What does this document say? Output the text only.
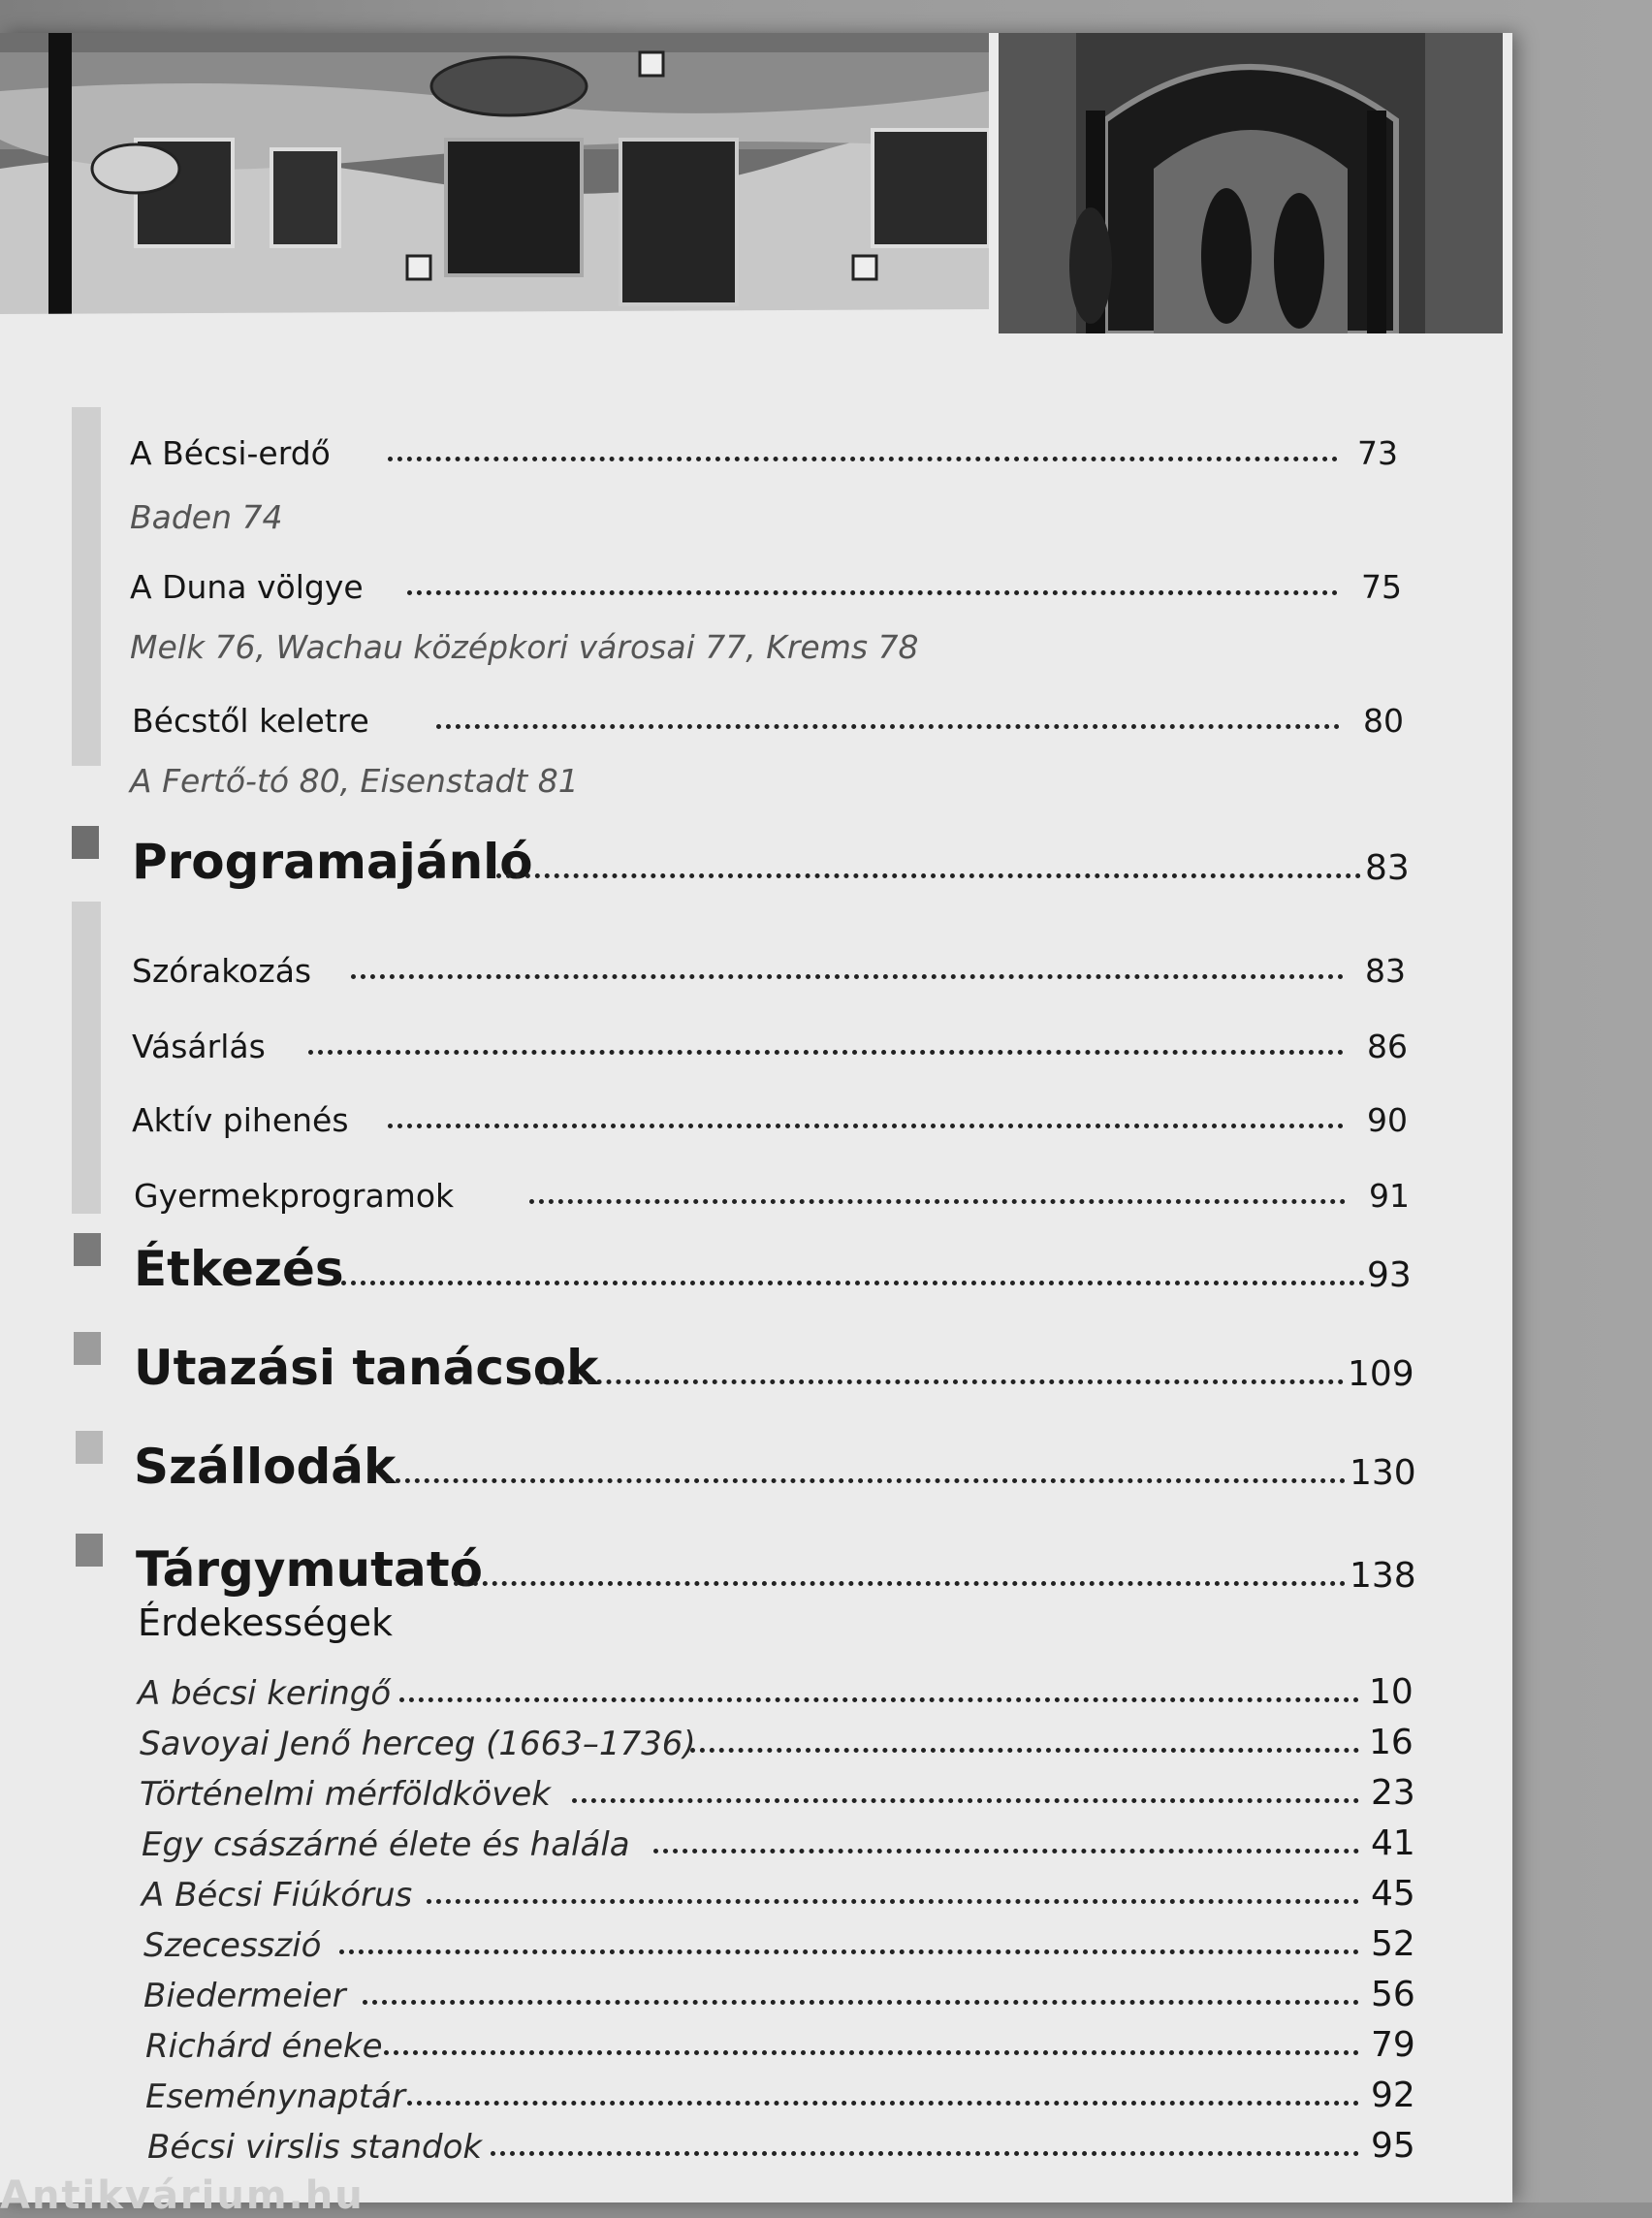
A Bécsi-erdő	73
Baden 74
A Duna völgye	75
Melk 76, Wachau középkori városai 77, Krems 78
Bécstől keletre	80
A Fertő-tó 80, Eisenstadt 81
Programajánló	83
Szórakozás	83
Vásárlás	86
Aktív pihenés	90
Gyermekprogramok	91
Étkezés	93
Utazási tanácsok	109
Szállodák	130
Tárgymutató	138
Érdekességek
A bécsi keringő	10
Savoyai Jenő herceg (1663–1736)	16
Történelmi mérföldkövek	23
Egy császárné élete és halála	41
A Bécsi Fiúkórus	45
Szecesszió	52
Biedermeier	56
Richárd éneke	79
Eseménynaptár	92
Bécsi virslis standok	95
Antikvárium.hu
